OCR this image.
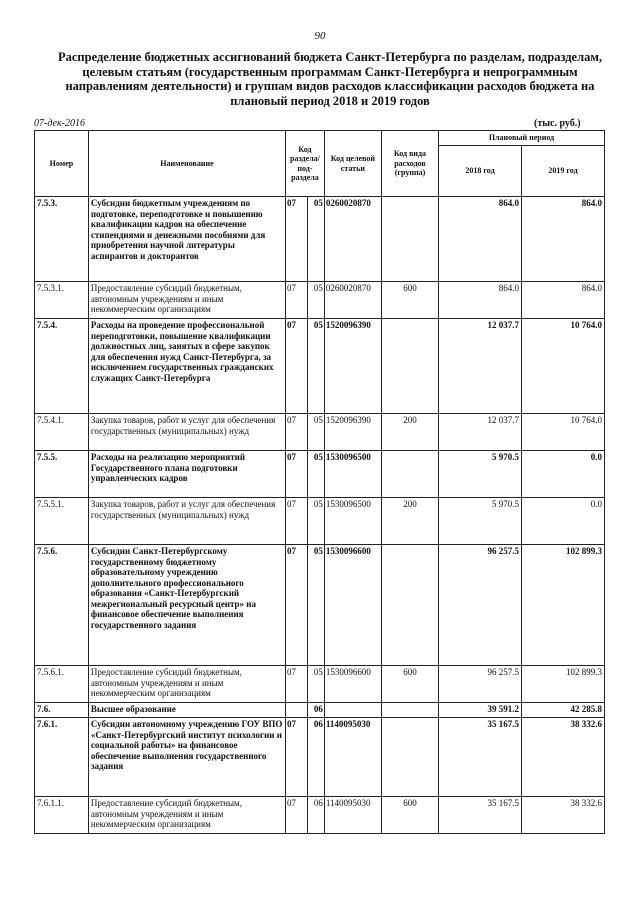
90
Распределение бюджетных ассигнований бюджета Санкт-Петербурга по разделам, подразделам, целевым статьям (государственным программам Санкт-Петербурга и непрограммным направлениям деятельности) и группам видов расходов классификации расходов бюджета на плановый период 2018 и 2019 годов
07-дек-2016	(тыс. руб.)
Номер	Наименование	Код раздела/ под- раздела		Код целевой статьи	Код вида расходов (группа)	Плановый период	
						2018 год	2019 год
7.5.3.	Субсидии бюджетным учреждениям по подготовке, переподготовке и повышению квалификации кадров на обеспечение стипендиями и денежными пособиями для приобретения научной литературы аспирантов и докторантов	07	05	0260020870		864.0	864.0
7.5.3.1.	Предоставление субсидий бюджетным, автономным учреждениям и иным некоммерческим организациям	07	05	0260020870	600	864.0	864.0
7.5.4.	Расходы на проведение профессиональной переподготовки, повышение квалификации должностных лиц, занятых в сфере закупок для обеспечения нужд Санкт-Петербурга, за исключением государственных гражданских служащих Санкт-Петербурга	07	05	1520096390		12 037.7	10 764.0
7.5.4.1.	Закупка товаров, работ и услуг для обеспечения государственных (муниципальных) нужд	07	05	1520096390	200	12 037.7	10 764.0
7.5.5.	Расходы на реализацию мероприятий Государственного плана подготовки управленческих кадров	07	05	1530096500		5 970.5	0.0
7.5.5.1.	Закупка товаров, работ и услуг для обеспечения государственных (муниципальных) нужд	07	05	1530096500	200	5 970.5	0.0
7.5.6.	Субсидии Санкт-Петербургскому государственному бюджетному образовательному учреждению дополнительного профессионального образования «Санкт-Петербургский межрегиональный ресурсный центр» на финансовое обеспечение выполнения государственного задания	07	05	1530096600		96 257.5	102 899.3
7.5.6.1.	Предоставление субсидий бюджетным, автономным учреждениям и иным некоммерческим организациям	07	05	1530096600	600	96 257.5	102 899.3
7.6.	Высшее образование		06			39 591.2	42 285.8
7.6.1.	Субсидии автономному учреждению ГОУ ВПО «Санкт-Петербургский институт психологии и социальной работы» на финансовое обеспечение выполнения государственного задания	07	06	1140095030		35 167.5	38 332.6
7.6.1.1.	Предоставление субсидий бюджетным, автономным учреждениям и иным некоммерческим организациям	07	06	1140095030	600	35 167.5	38 332.6
